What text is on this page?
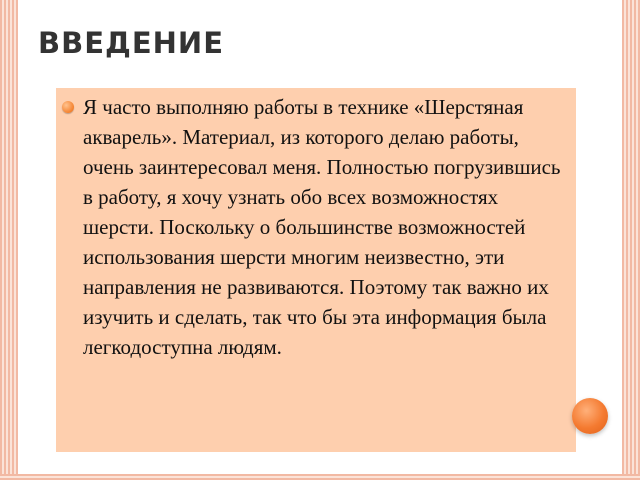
ВВЕДЕНИЕ

Я часто выполняю работы в технике «Шерстяная акварель». Материал, из которого делаю работы, очень заинтересовал меня. Полностью погрузившись в работу, я хочу узнать обо всех возможностях шерсти. Поскольку о большинстве возможностей использования шерсти многим неизвестно, эти направления не развиваются. Поэтому так важно их изучить и сделать, так что бы эта информация была легкодоступна людям.
